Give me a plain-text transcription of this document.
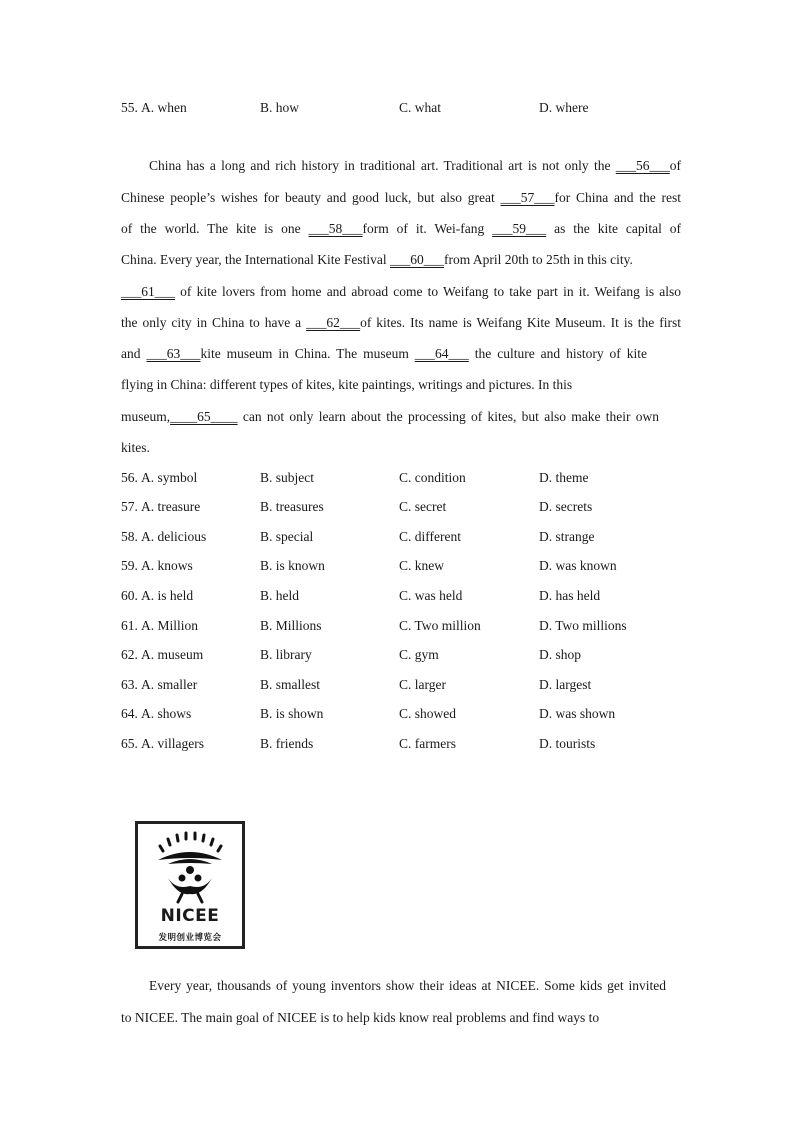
55. A. when	B. how	C. what	D. where
China has a long and rich history in traditional art. Traditional art is not only the ___56___of
Chinese people’s wishes for beauty and good luck, but also great ___57___for China and the rest
of the world. The kite is one ___58___form of it. Wei-fang ___59___ as the kite capital of
China. Every year, the International Kite Festival ___60___from April 20th to 25th in this city.
___61___ of kite lovers from home and abroad come to Weifang to take part in it. Weifang is also
the only city in China to have a ___62___of kites. Its name is Weifang Kite Museum. It is the first
and ___63___kite museum in China. The museum ___64___ the culture and history of kite
flying in China: different types of kites, kite paintings, writings and pictures. In this
museum,____65____ can not only learn about the processing of kites, but also make their own
kites.
56. A. symbol	B. subject	C. condition	D. theme
57. A. treasure	B. treasures	C. secret	D. secrets
58. A. delicious	B. special	C. different	D. strange
59. A. knows	B. is known	C. knew	D. was known
60. A. is held	B. held	C. was held	D. has held
61. A. Million	B. Millions	C. Two million	D. Two millions
62. A. museum	B. library	C. gym	D. shop
63. A. smaller	B. smallest	C. larger	D. largest
64. A. shows	B. is shown	C. showed	D. was shown
65. A. villagers	B. friends	C. farmers	D. tourists
NICEE
发明创业博览会
Every year, thousands of young inventors show their ideas at NICEE. Some kids get invited
to NICEE. The main goal of NICEE is to help kids know real problems and find ways to
